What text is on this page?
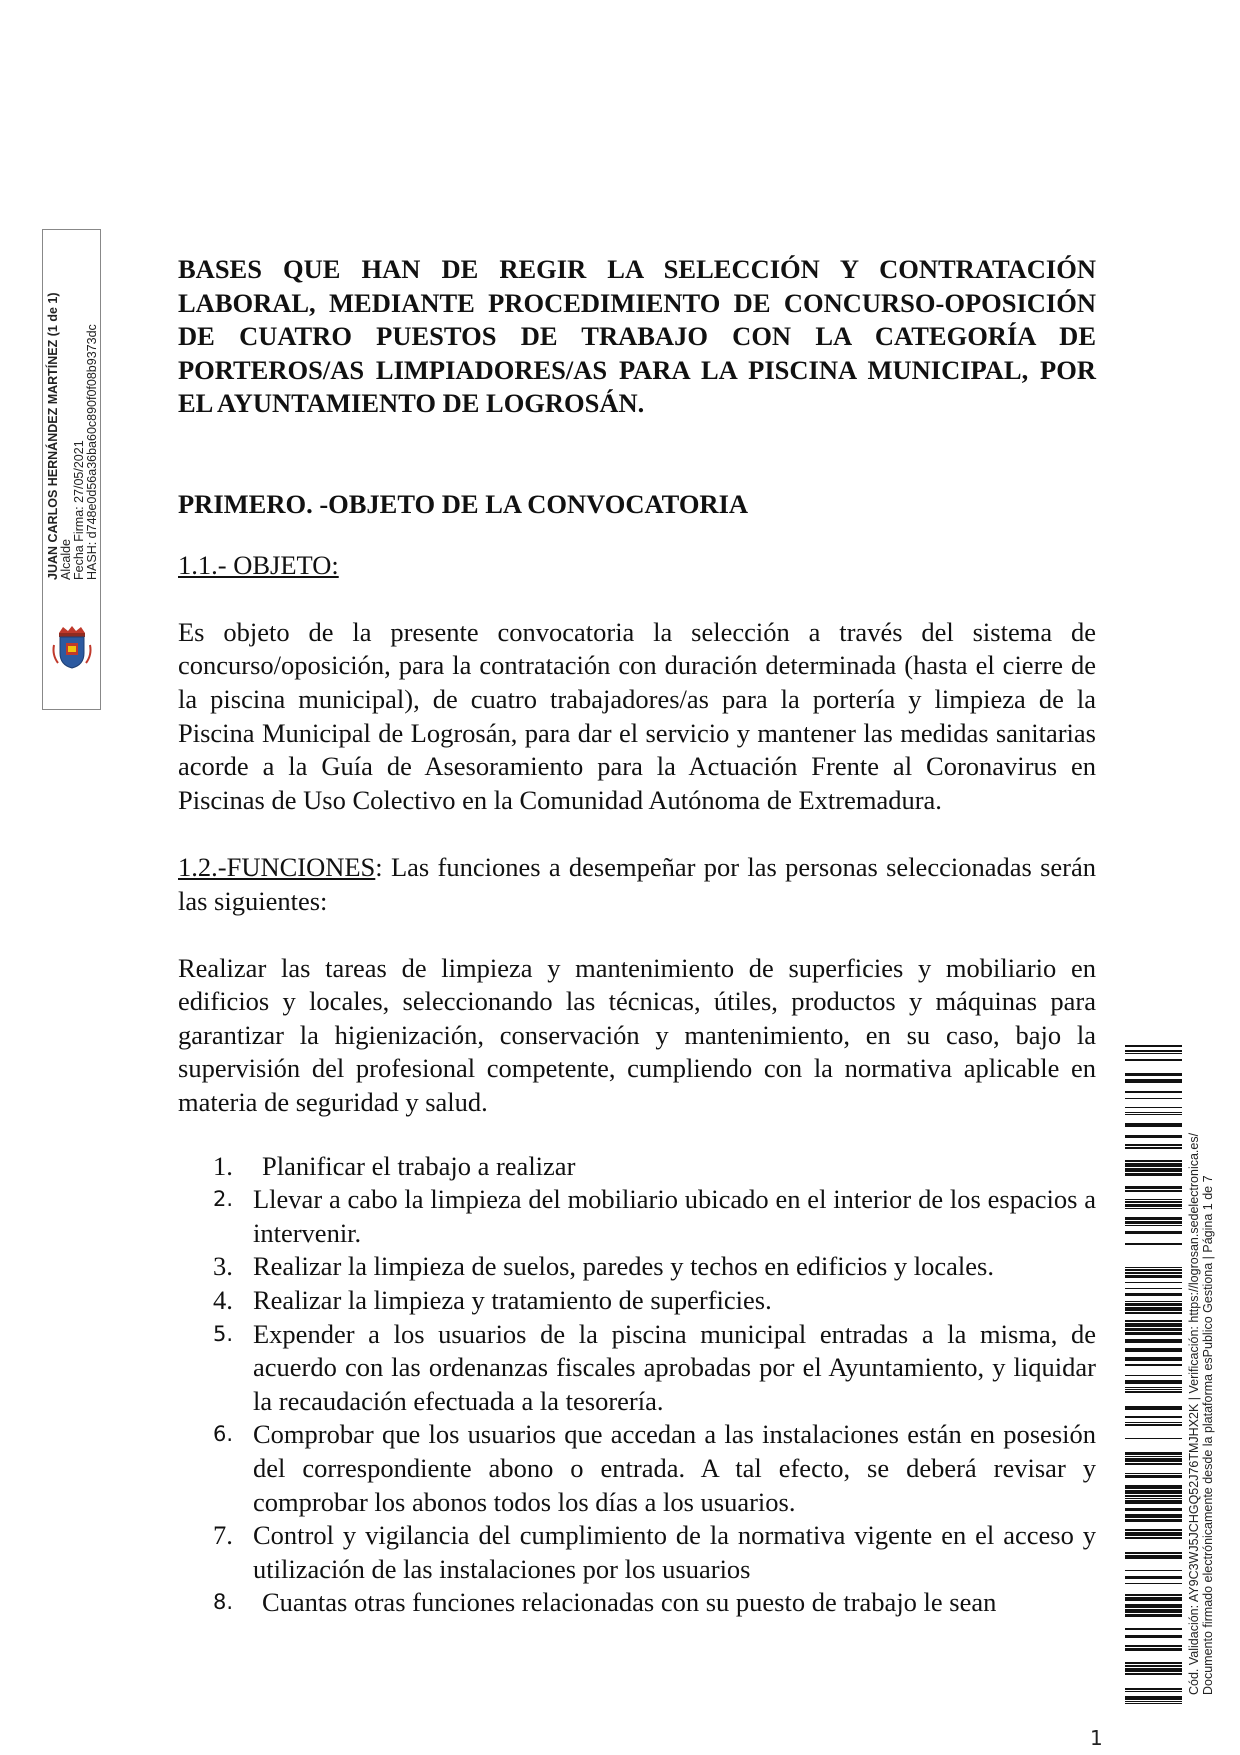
JUAN CARLOS HERNÁNDEZ MARTÍNEZ (1 de 1) Alcalde Fecha Firma: 27/05/2021 HASH: d748e0d56a36ba60c890f0f08b9373dc

BASES QUE HAN DE REGIR LA SELECCIÓN Y CONTRATACIÓN LABORAL, MEDIANTE PROCEDIMIENTO DE CONCURSO-OPOSICIÓN DE CUATRO PUESTOS DE TRABAJO CON LA CATEGORÍA DE PORTEROS/AS LIMPIADORES/AS PARA LA PISCINA MUNICIPAL, POR EL AYUNTAMIENTO DE LOGROSÁN.

PRIMERO. -OBJETO DE LA CONVOCATORIA

1.1.- OBJETO:

Es objeto de la presente convocatoria la selección a través del sistema de concurso/oposición, para la contratación con duración determinada (hasta el cierre de la piscina municipal), de cuatro trabajadores/as para la portería y limpieza de la Piscina Municipal de Logrosán, para dar el servicio y mantener las medidas sanitarias acorde a la Guía de Asesoramiento para la Actuación Frente al Coronavirus en Piscinas de Uso Colectivo en la Comunidad Autónoma de Extremadura.

1.2.-FUNCIONES: Las funciones a desempeñar por las personas seleccionadas serán las siguientes:

Realizar las tareas de limpieza y mantenimiento de superficies y mobiliario en edificios y locales, seleccionando las técnicas, útiles, productos y máquinas para garantizar la higienización, conservación y mantenimiento, en su caso, bajo la supervisión del profesional competente, cumpliendo con la normativa aplicable en materia de seguridad y salud.

1. Planificar el trabajo a realizar
2. Llevar a cabo la limpieza del mobiliario ubicado en el interior de los espacios a intervenir.
3. Realizar la limpieza de suelos, paredes y techos en edificios y locales.
4. Realizar la limpieza y tratamiento de superficies.
5. Expender a los usuarios de la piscina municipal entradas a la misma, de acuerdo con las ordenanzas fiscales aprobadas por el Ayuntamiento, y liquidar la recaudación efectuada a la tesorería.
6. Comprobar que los usuarios que accedan a las instalaciones están en posesión del correspondiente abono o entrada. A tal efecto, se deberá revisar y comprobar los abonos todos los días a los usuarios.
7. Control y vigilancia del cumplimiento de la normativa vigente en el acceso y utilización de las instalaciones por los usuarios
8. Cuantas otras funciones relacionadas con su puesto de trabajo le sean	Cód. Validación: AY9C3WJ5JCHGQ52J76TMJHX2K | Verificación: https://logrosan.sedelectronica.es/ Documento firmado electrónicamente desde la plataforma esPublico Gestiona | Página 1 de 7
1
